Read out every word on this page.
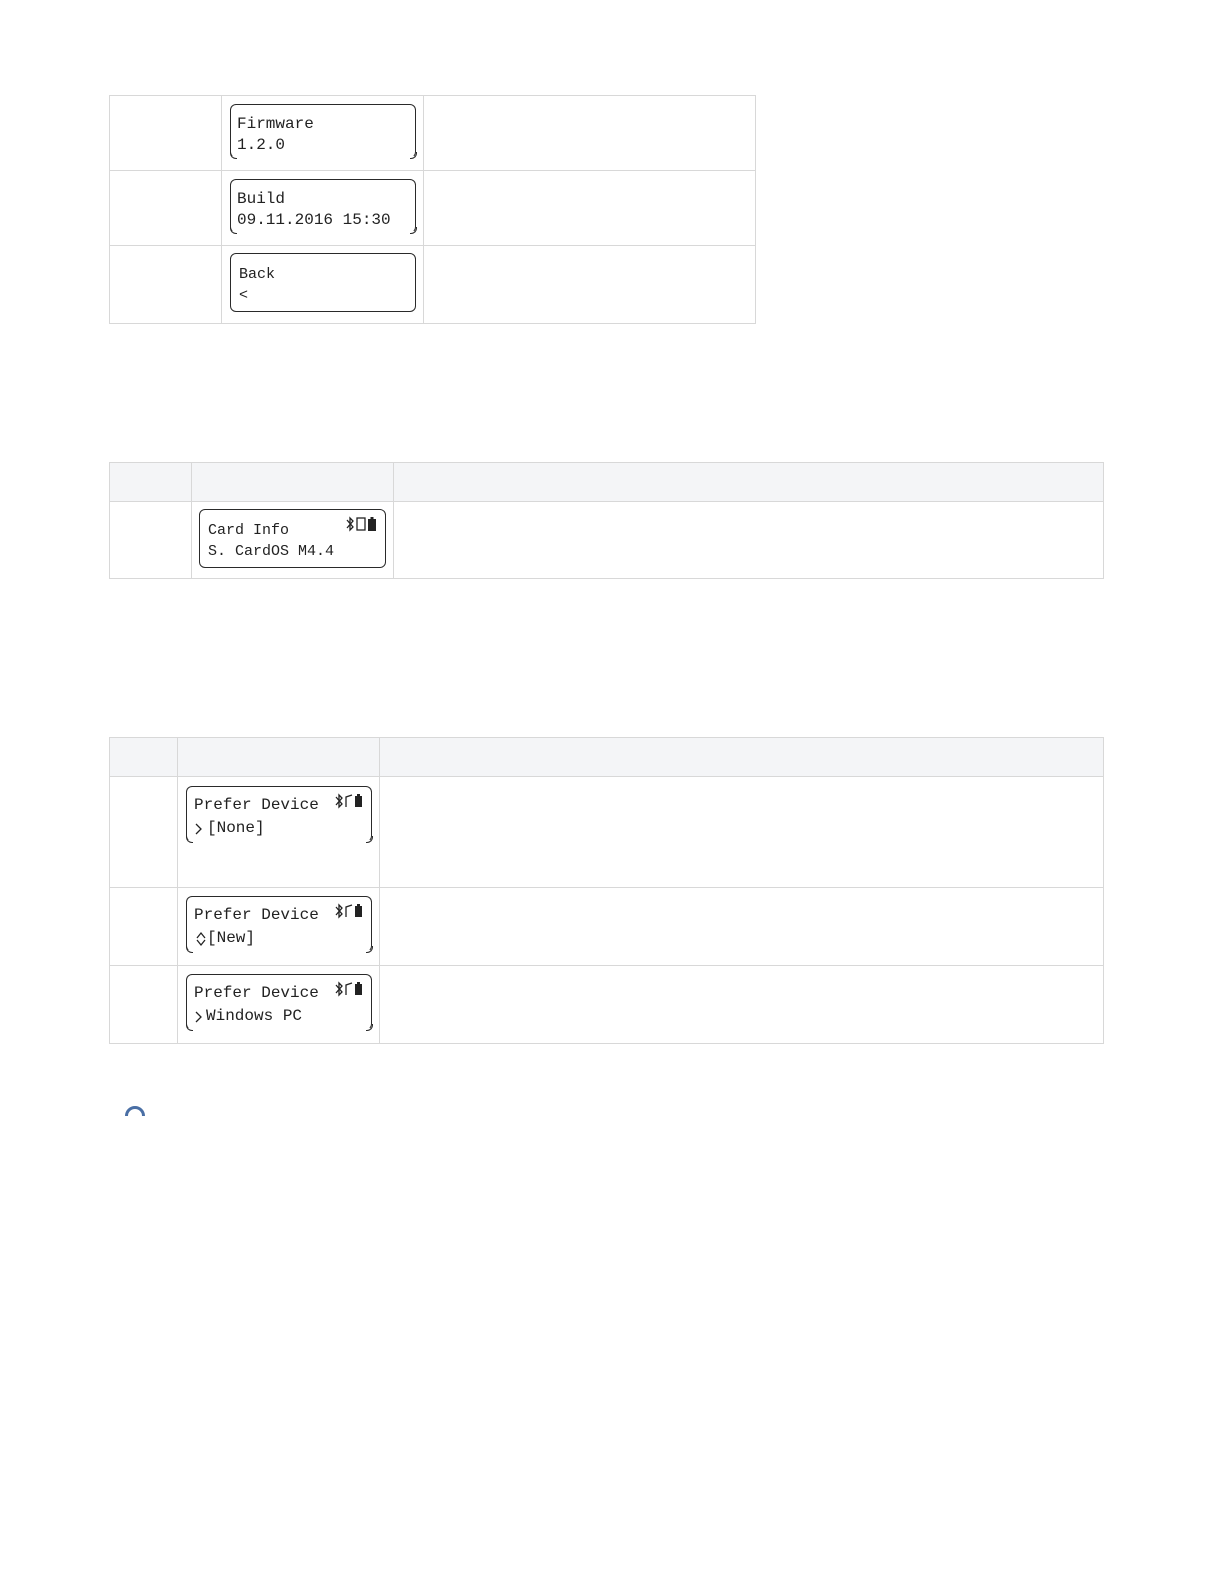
	Firmware
1.2.0	

	Build
09.11.2016 15:30	

	Back
<	

	Card Info
S. CardOS M4.4	

	Prefer Device
[None]	

	Prefer Device
[New]	

	Prefer Device
Windows PC	
